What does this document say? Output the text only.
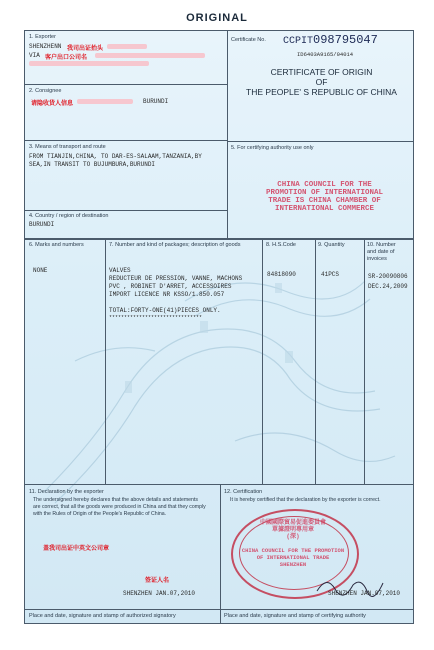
ORIGINAL
1. Exporter
SHENZHENN 我司出证抬头
VIA 客户出口公司名
Certificate No. CCPIT098795047
ID6403A9165/04014
CERTIFICATE OF ORIGIN
OF
THE PEOPLE' S REPUBLIC OF CHINA
2. Consignee
请隐收货人信息	BURUNDI
3. Means of transport and route
FROM TIANJIN,CHINA, TO DAR-ES-SALAAM,TANZANIA,BY
SEA,IN TRANSIT TO BUJUMBURA,BURUNDI
4. Country / region of destination
BURUNDI
5. For certifying authority use only
CHINA COUNCIL FOR THE
PROMOTION OF INTERNATIONAL
TRADE IS CHINA CHAMBER OF
INTERNATIONAL COMMERCE
6. Marks and numbers	7. Number and kind of packages; description of goods	8. H.S.Code	9. Quantity	10. Number
and date of
invoices
NONE	VALVES
REDUCTEUR DE PRESSION, VANNE, MACHONS
PVC , ROBINET D'ARRET, ACCESSOIRES
IMPORT LICENCE NR KSSO/1.850.057
TOTAL:FORTY-ONE(41)PIECES ONLY.
*******************************
84818090	41PCS	SR-20090806
DEC.24,2009
11. Declaration by the exporter
The undersigned hereby declares that the above details and statements
are correct, that all the goods were produced in China and that they comply
with the Rules of Origin of the People's Republic of China.
盖我司出证中英文公司章
签证人名
SHENZHEN JAN.07,2010
Place and date, signature and stamp of authorized signatory
12. Certification
It is hereby certified that the declaration by the exporter is correct.
中國國際貿易促進委員會
單據證明專用章
(深)
CHINA COUNCIL FOR THE PROMOTION
OF INTERNATIONAL TRADE
SHENZHEN
SHENZHEN JAN.07,2010
Place and date, signature and stamp of certifying authority
